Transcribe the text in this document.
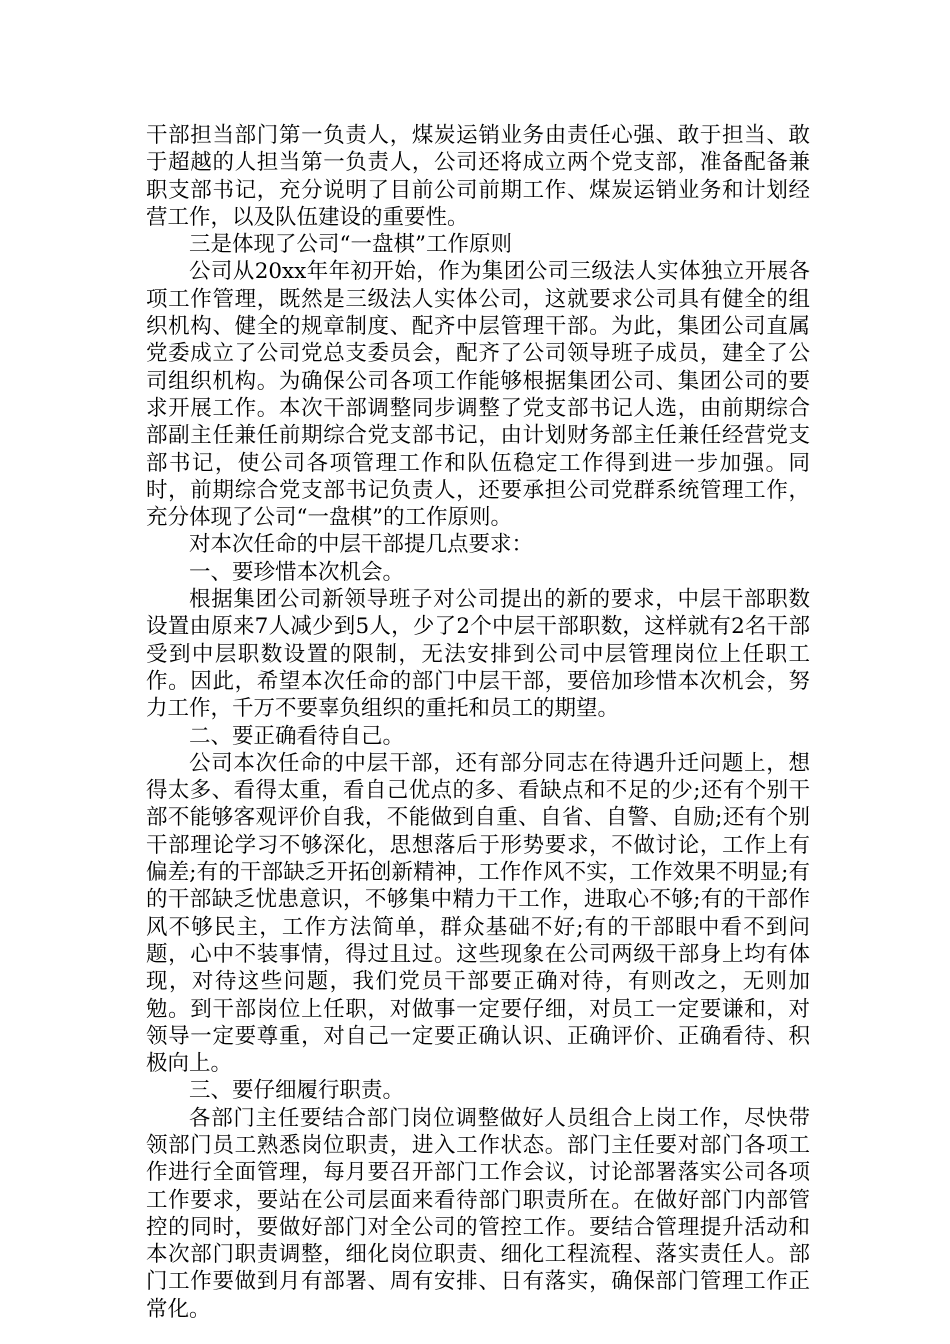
干部担当部门第一负责人，煤炭运销业务由责任心强、敢于担当、敢于超越的人担当第一负责人，公司还将成立两个党支部，准备配备兼职支部书记，充分说明了目前公司前期工作、煤炭运销业务和计划经营工作，以及队伍建设的重要性。

三是体现了公司“一盘棋”工作原则

公司从20xx年年初开始，作为集团公司三级法人实体独立开展各项工作管理，既然是三级法人实体公司，这就要求公司具有健全的组织机构、健全的规章制度、配齐中层管理干部。为此，集团公司直属党委成立了公司党总支委员会，配齐了公司领导班子成员，建全了公司组织机构。为确保公司各项工作能够根据集团公司、集团公司的要求开展工作。本次干部调整同步调整了党支部书记人选，由前期综合部副主任兼任前期综合党支部书记，由计划财务部主任兼任经营党支部书记，使公司各项管理工作和队伍稳定工作得到进一步加强。同时，前期综合党支部书记负责人，还要承担公司党群系统管理工作，充分体现了公司“一盘棋”的工作原则。

对本次任命的中层干部提几点要求：

一、要珍惜本次机会。

根据集团公司新领导班子对公司提出的新的要求，中层干部职数设置由原来7人减少到5人，少了2个中层干部职数，这样就有2名干部受到中层职数设置的限制，无法安排到公司中层管理岗位上任职工作。因此，希望本次任命的部门中层干部，要倍加珍惜本次机会，努力工作，千万不要辜负组织的重托和员工的期望。

二、要正确看待自己。

公司本次任命的中层干部，还有部分同志在待遇升迁问题上，想得太多、看得太重，看自己优点的多、看缺点和不足的少;还有个别干部不能够客观评价自我，不能做到自重、自省、自警、自励;还有个别干部理论学习不够深化，思想落后于形势要求，不做讨论，工作上有偏差;有的干部缺乏开拓创新精神，工作作风不实，工作效果不明显;有的干部缺乏忧患意识，不够集中精力干工作，进取心不够;有的干部作风不够民主，工作方法简单，群众基础不好;有的干部眼中看不到问题，心中不装事情，得过且过。这些现象在公司两级干部身上均有体现，对待这些问题，我们党员干部要正确对待，有则改之，无则加勉。到干部岗位上任职，对做事一定要仔细，对员工一定要谦和，对领导一定要尊重，对自己一定要正确认识、正确评价、正确看待、积极向上。

三、要仔细履行职责。

各部门主任要结合部门岗位调整做好人员组合上岗工作，尽快带领部门员工熟悉岗位职责，进入工作状态。部门主任要对部门各项工作进行全面管理，每月要召开部门工作会议，讨论部署落实公司各项工作要求，要站在公司层面来看待部门职责所在。在做好部门内部管控的同时，要做好部门对全公司的管控工作。要结合管理提升活动和本次部门职责调整，细化岗位职责、细化工程流程、落实责任人。部门工作要做到月有部署、周有安排、日有落实，确保部门管理工作正常化。
